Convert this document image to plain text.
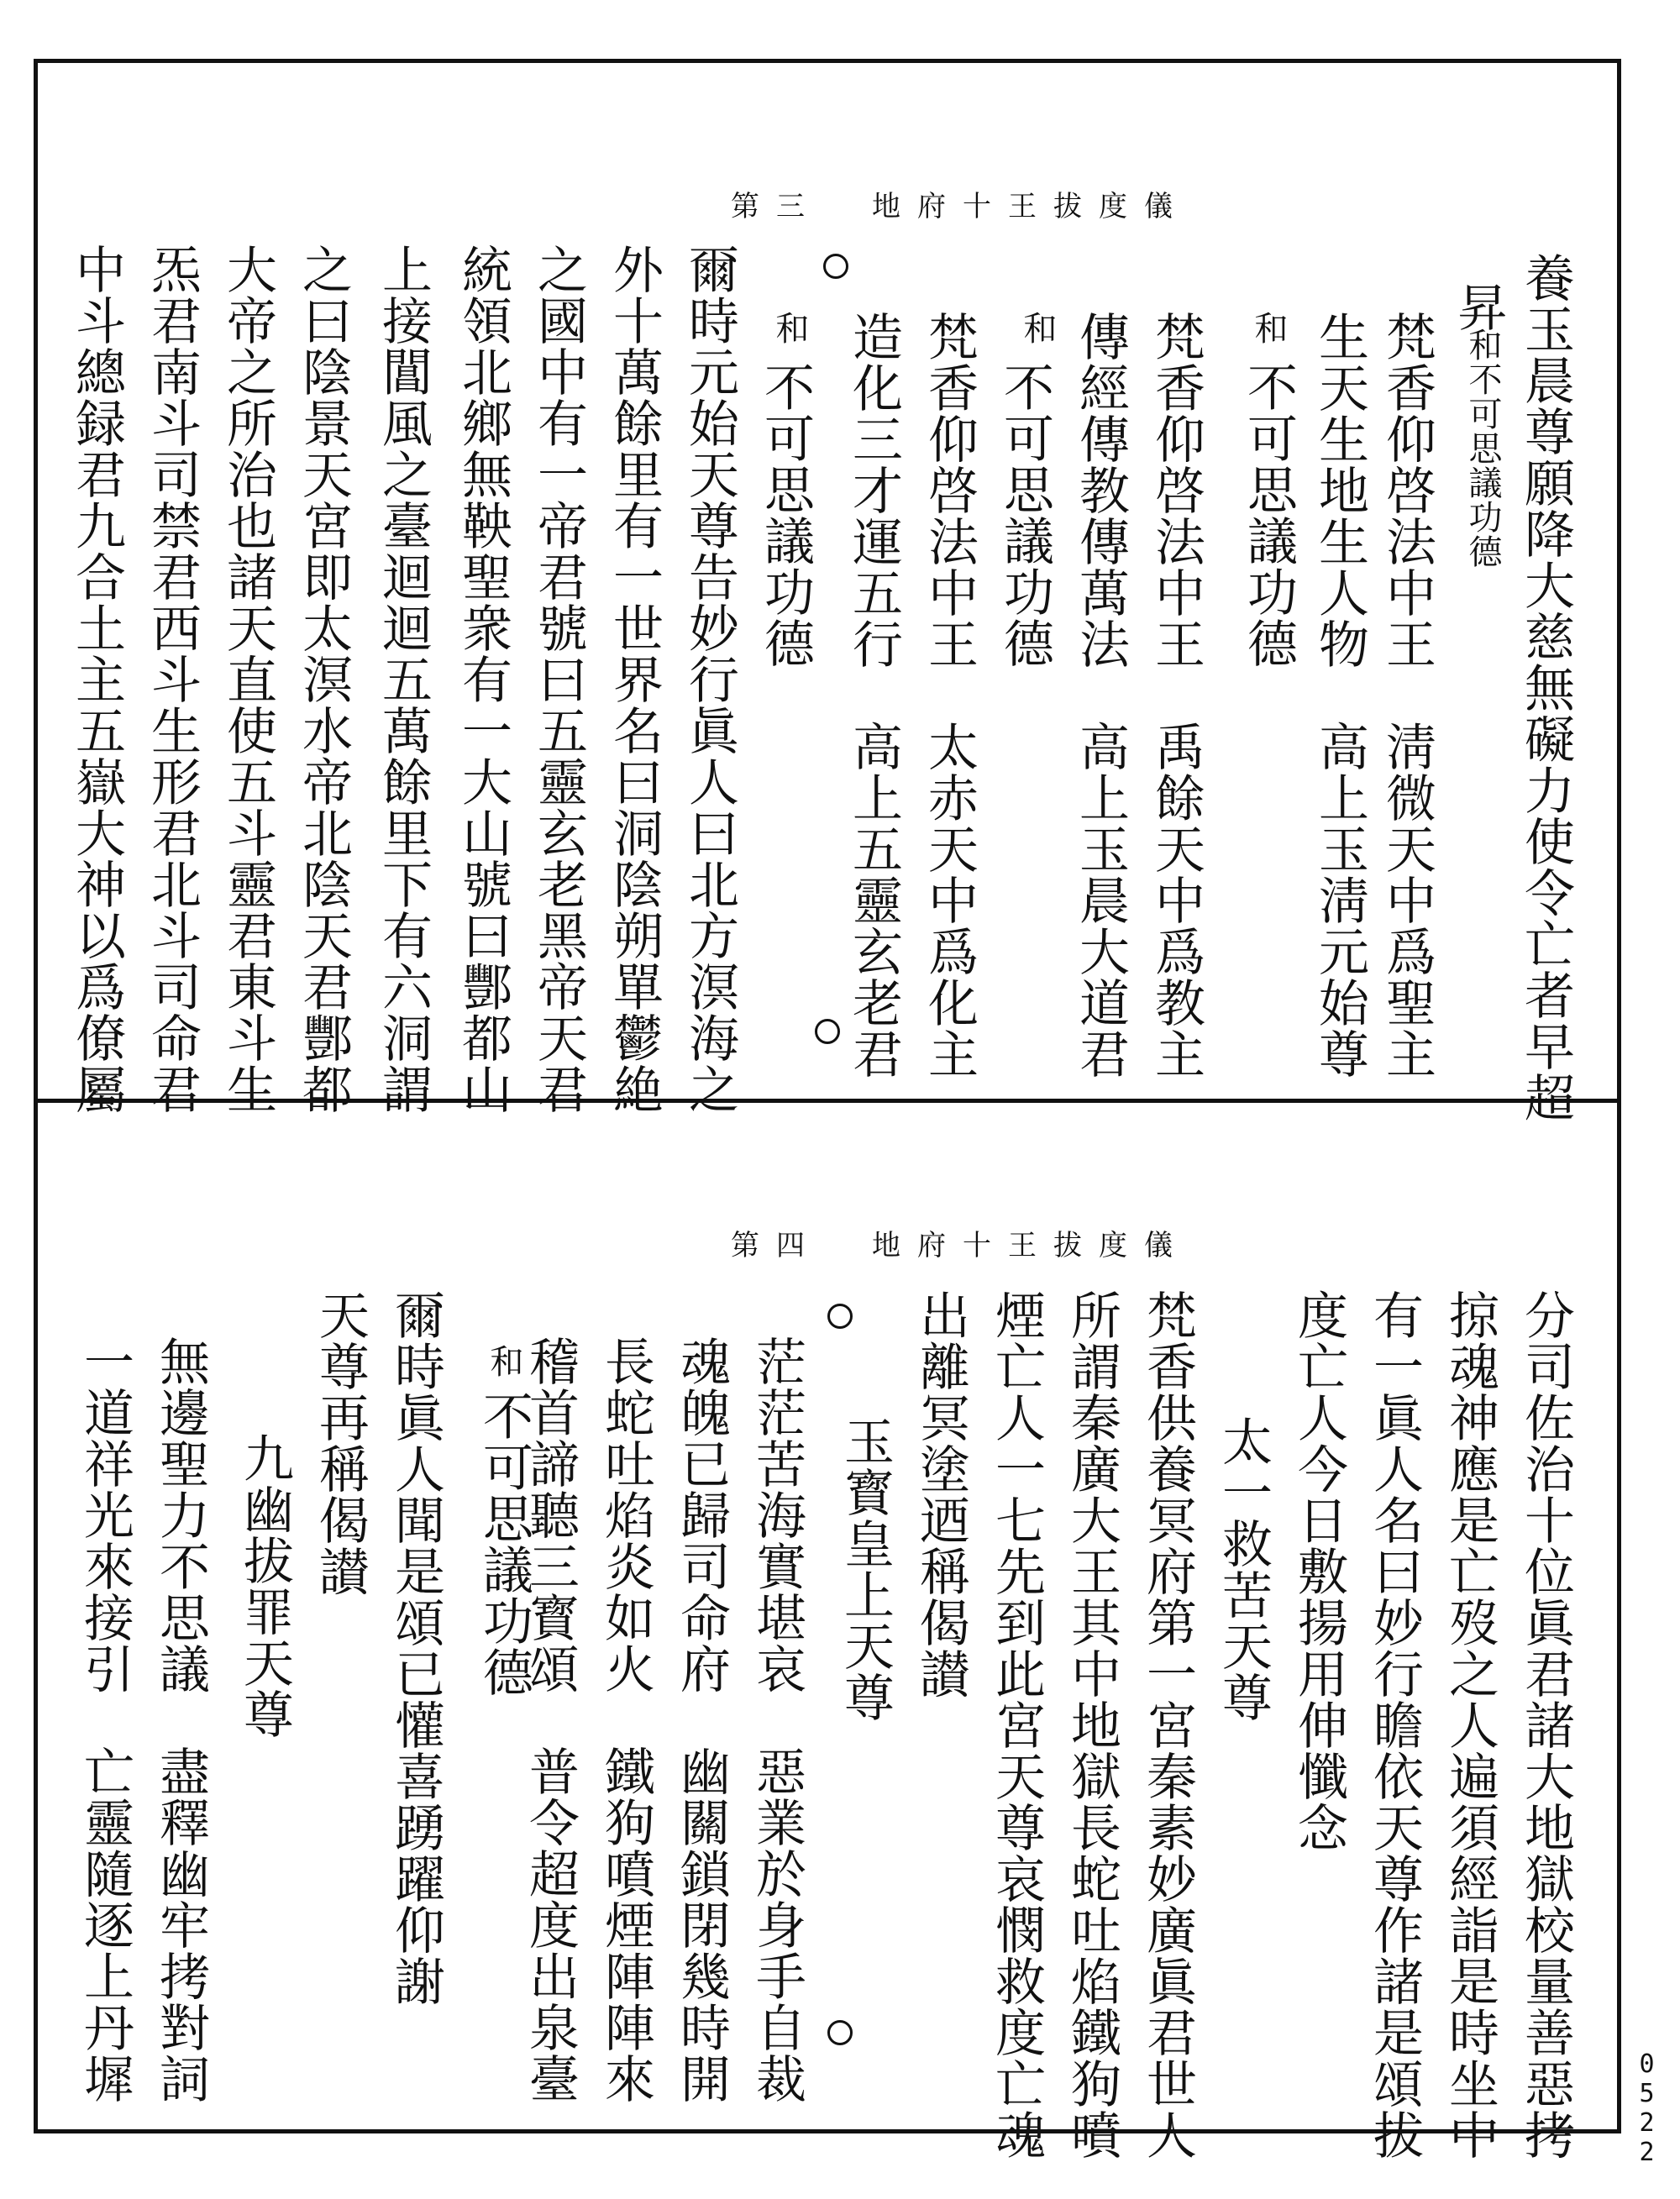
第三 地府十王拔度儀
養玉晨尊願降大慈無礙力使令亡者早超
昇
和不可思議功德
梵香仰啓法中王　淸微天中爲聖主
生天生地生人物　高上玉淸元始尊
和
不可思議功德
梵香仰啓法中王　禹餘天中爲教主
傳經傳教傳萬法　高上玉晨大道君
和
不可思議功德
梵香仰啓法中王　太赤天中爲化主
造化三才運五行　高上五靈玄老君
和
不可思議功德
爾時元始天尊告妙行眞人曰北方溟海之
外十萬餘里有一世界名曰洞陰朔單鬱絶
之國中有一帝君號曰五靈玄老黑帝天君
統領北鄉無鞅聖衆有一大山號曰酆都山
上接閶風之臺迴迴五萬餘里下有六洞謂
之曰陰景天宮即太溟水帝北陰天君酆都
大帝之所治也諸天直使五斗靈君東斗生
炁君南斗司禁君西斗生形君北斗司命君
中斗總録君九合土主五嶽大神以爲僚屬
第四 地府十王拔度儀
分司佐治十位眞君諸大地獄校量善惡拷
掠魂神應是亡歿之人遍須經詣是時坐中
有一眞人名曰妙行瞻依天尊作諸是頌拔
度亡人今日敷揚用伸懺念
太一救苦天尊
梵香供養冥府第一宮秦素妙廣眞君世人
所謂秦廣大王其中地獄長蛇吐焰鐵狗噴
煙亡人一七先到此宮天尊哀憫救度亡魂
出離冥塗迺稱偈讃
玉寳皇上天尊
茫茫苦海實堪哀　惡業於身手自裁
魂魄已歸司命府　幽關鎖閉幾時開
長蛇吐焰炎如火　鐵狗噴煙陣陣來
稽首諦聽三寳頌　普令超度出泉臺
和
不可思議功德
爾時眞人聞是頌已懽喜踴躍仰謝
天尊再稱偈讃
九幽拔罪天尊
無邊聖力不思議　盡釋幽牢拷對詞
一道祥光來接引　亡靈隨逐上丹墀
0522
